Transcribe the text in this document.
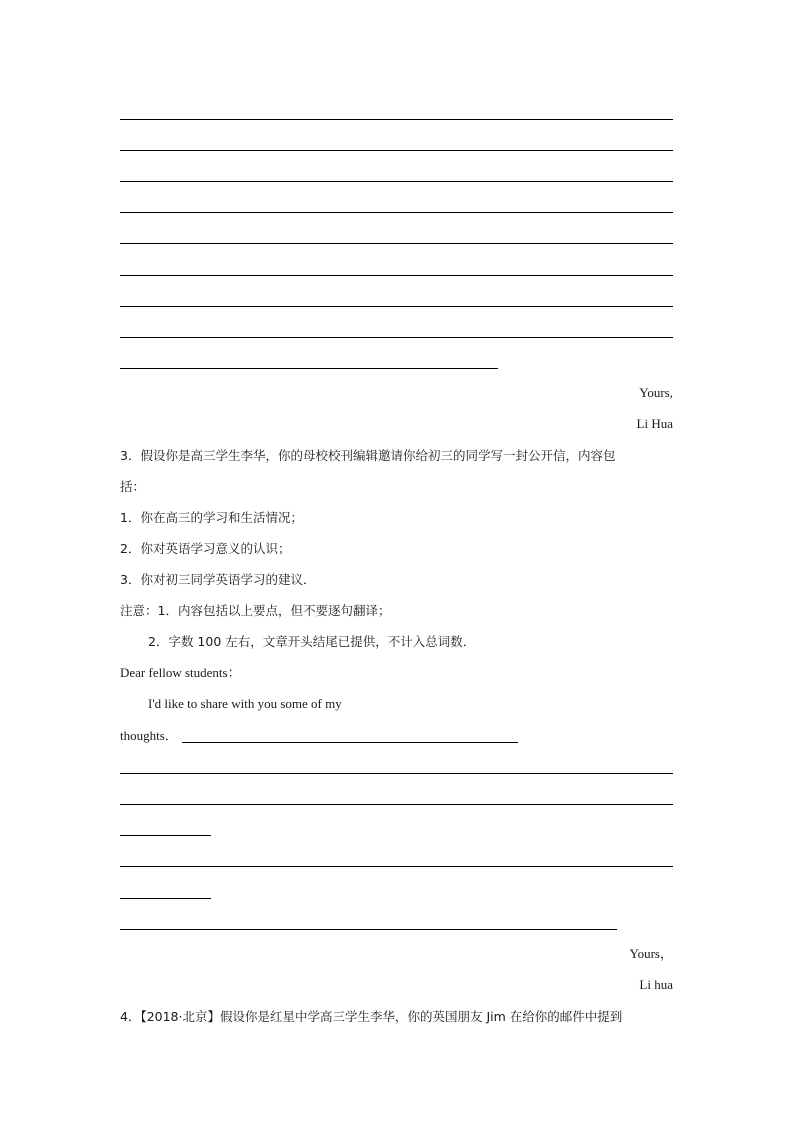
Yours,
Li Hua
3．假设你是高三学生李华，你的母校校刊编辑邀请你给初三的同学写一封公开信，内容包
括：
1．你在高三的学习和生活情况；
2．你对英语学习意义的认识；
3．你对初三同学英语学习的建议．
注意：1．内容包括以上要点，但不要逐句翻译；
2．字数 100 左右，文章开头结尾已提供，不计入总词数．
Dear fellow students：
I'd like to share with you some of my
thoughts．
Yours，
Li hua
4．【2018·北京】假设你是红星中学高三学生李华，你的英国朋友 Jim 在给你的邮件中提到
